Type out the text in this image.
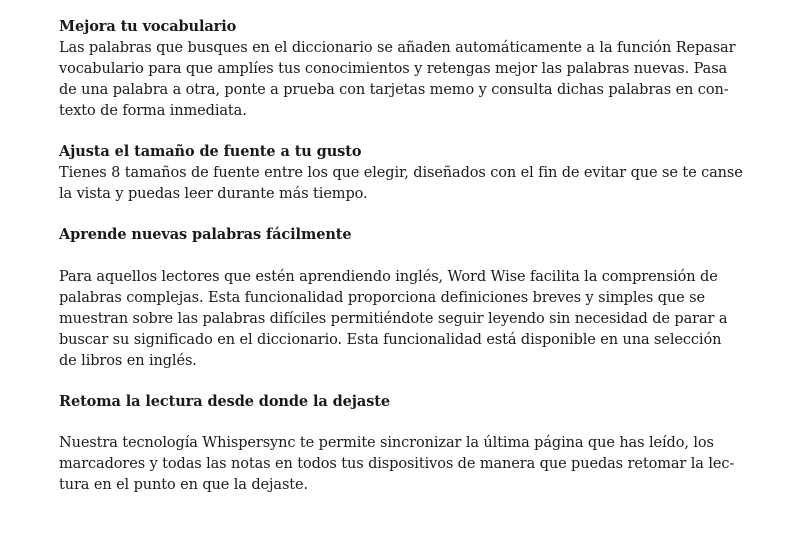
Mejora tu vocabulario
Las palabras que busques en el diccionario se añaden automáticamente a la función Repasar
vocabulario para que amplíes tus conocimientos y retengas mejor las palabras nuevas. Pasa
de una palabra a otra, ponte a prueba con tarjetas memo y consulta dichas palabras en con-
texto de forma inmediata.
Ajusta el tamaño de fuente a tu gusto
Tienes 8 tamaños de fuente entre los que elegir, diseñados con el fin de evitar que se te canse
la vista y puedas leer durante más tiempo.
Aprende nuevas palabras fácilmente
Para aquellos lectores que estén aprendiendo inglés, Word Wise facilita la comprensión de
palabras complejas. Esta funcionalidad proporciona definiciones breves y simples que se
muestran sobre las palabras difíciles permitiéndote seguir leyendo sin necesidad de parar a
buscar su significado en el diccionario. Esta funcionalidad está disponible en una selección
de libros en inglés.
Retoma la lectura desde donde la dejaste
Nuestra tecnología Whispersync te permite sincronizar la última página que has leído, los
marcadores y todas las notas en todos tus dispositivos de manera que puedas retomar la lec-
tura en el punto en que la dejaste.
